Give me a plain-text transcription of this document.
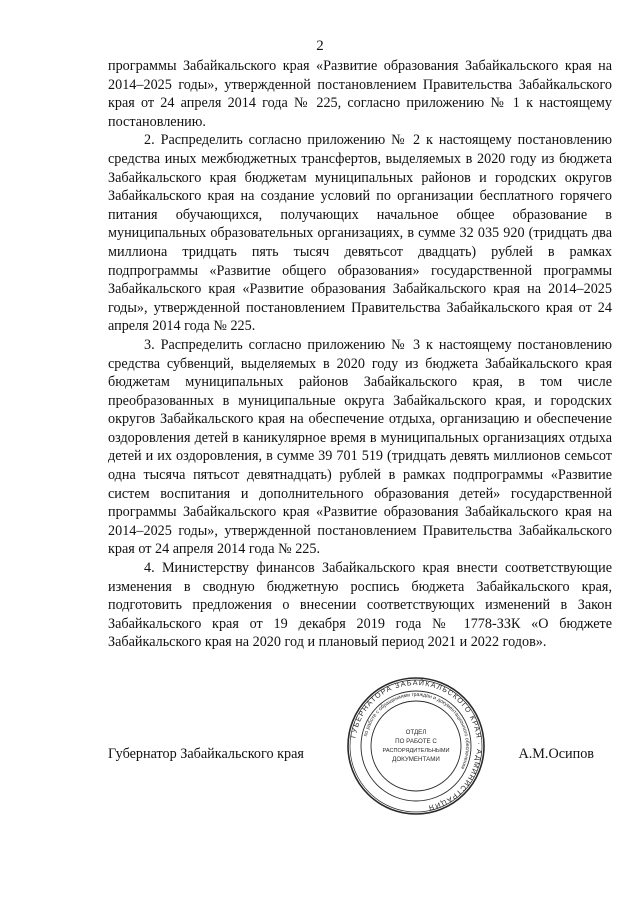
2

программы Забайкальского края «Развитие образования Забайкальского края на 2014–2025 годы», утвержденной постановлением Правительства Забайкальского края от 24 апреля 2014 года № 225, согласно приложению № 1 к настоящему постановлению.

2. Распределить согласно приложению № 2 к настоящему постановлению средства иных межбюджетных трансфертов, выделяемых в 2020 году из бюджета Забайкальского края бюджетам муниципальных районов и городских округов Забайкальского края на создание условий по организации бесплатного горячего питания обучающихся, получающих начальное общее образование в муниципальных образовательных организациях, в сумме 32 035 920 (тридцать два миллиона тридцать пять тысяч девятьсот двадцать) рублей в рамках подпрограммы «Развитие общего образования» государственной программы Забайкальского края «Развитие образования Забайкальского края на 2014–2025 годы», утвержденной постановлением Правительства Забайкальского края от 24 апреля 2014 года № 225.

3. Распределить согласно приложению № 3 к настоящему постановлению средства субвенций, выделяемых в 2020 году из бюджета Забайкальского края бюджетам муниципальных районов Забайкальского края, в том числе преобразованных в муниципальные округа Забайкальского края, и городских округов Забайкальского края на обеспечение отдыха, организацию и обеспечение оздоровления детей в каникулярное время в муниципальных организациях отдыха детей и их оздоровления, в сумме 39 701 519 (тридцать девять миллионов семьсот одна тысяча пятьсот девятнадцать) рублей в рамках подпрограммы «Развитие систем воспитания и дополнительного образования детей» государственной программы Забайкальского края «Развитие образования Забайкальского края на 2014–2025 годы», утвержденной постановлением Правительства Забайкальского края от 24 апреля 2014 года № 225.

4. Министерству финансов Забайкальского края внести соответствующие изменения в сводную бюджетную роспись бюджета Забайкальского края, подготовить предложения о внесении соответствующих изменений в Закон Забайкальского края от 19 декабря 2019 года № 1778-ЗЗК «О бюджете Забайкальского края на 2020 год и плановый период 2021 и 2022 годов».

Губернатор Забайкальского края	А.М.Осипов
ГУБЕРНАТОРА ЗАБАЙКАЛЬСКОГО КРАЯ · АДМИНИСТРАЦИЯ
по работе с обращениями граждан и документационного обеспечения
ОТДЕЛ
ПО РАБОТЕ С
РАСПОРЯДИТЕЛЬНЫМИ
ДОКУМЕНТАМИ
